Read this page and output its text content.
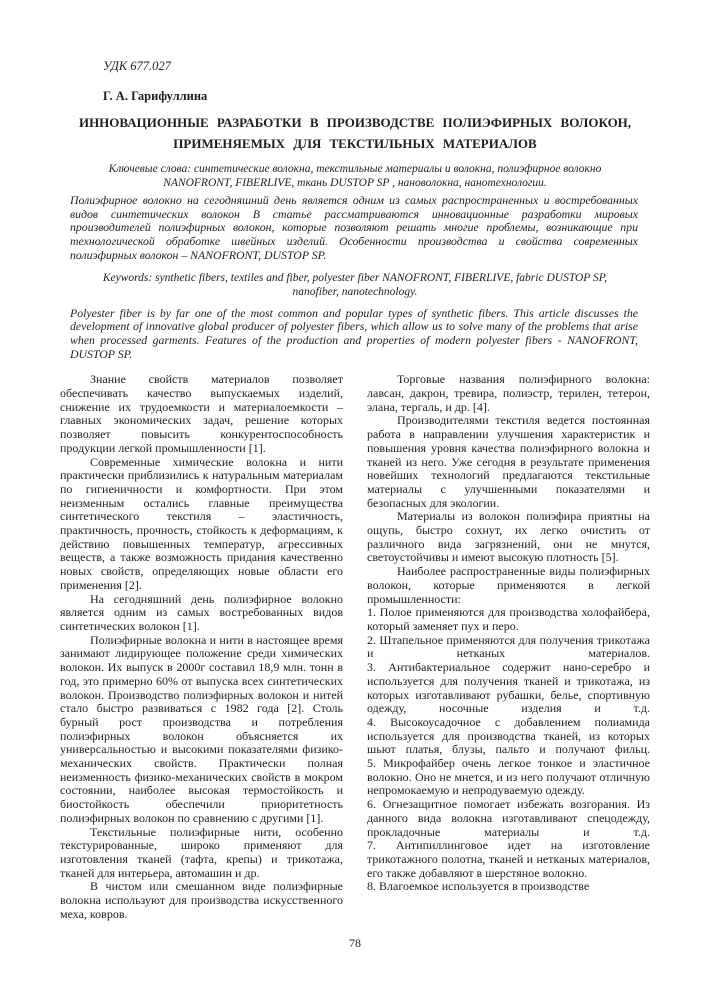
УДК 677.027
Г. А. Гарифуллина
ИННОВАЦИОННЫЕ РАЗРАБОТКИ В ПРОИЗВОДСТВЕ ПОЛИЭФИРНЫХ ВОЛОКОН,
ПРИМЕНЯЕМЫХ ДЛЯ ТЕКСТИЛЬНЫХ МАТЕРИАЛОВ
Ключевые слова: синтетические волокна, текстильные материалы и волокна, полиэфирное волокно NANOFRONT, FIBERLIVE, ткань DUSTOP SP , нановолокна, нанотехнологии.
Полиэфирное волокно на сегодняшний день является одним из самых распространенных и востребованных видов синтетических волокон В статье рассматриваются инновационные разработки мировых производителей полиэфирных волокон, которые позволяют решать многие проблемы, возникающие при технологической обработке швейных изделий. Особенности производства и свойства современных полиэфирных волокон – NANOFRONT, DUSTOP SP.
Keywords: synthetic fibers, textiles and fiber, polyester fiber NANOFRONT, FIBERLIVE, fabric DUSTOP SP, nanofiber, nanotechnology.
Polyester fiber is by far one of the most common and popular types of synthetic fibers. This article discusses the development of innovative global producer of polyester fibers, which allow us to solve many of the problems that arise when processed garments. Features of the production and properties of modern polyester fibers - NANOFRONT, DUSTOP SP.

Знание свойств материалов позволяет обеспечивать качество выпускаемых изделий, снижение их трудоемкости и материалоемкости – главных экономических задач, решение которых позволяет повысить конкурентоспособность продукции легкой промышленности [1].

Современные химические волокна и нити практически приблизились к натуральным материалам по гигиеничности и комфортности. При этом неизменным остались главные преимущества синтетического текстиля – эластичность, практичность, прочность, стойкость к деформациям, к действию повышенных температур, агрессивных веществ, а также возможность придания качественно новых свойств, определяющих новые области его применения [2].

На сегодняшний день полиэфирное волокно является одним из самых востребованных видов синтетических волокон [1].

Полиэфирные волокна и нити в настоящее время занимают лидирующее положение среди химических волокон. Их выпуск в 2000г составил 18,9 млн. тонн в год, это примерно 60% от выпуска всех синтетических волокон. Производство полиэфирных волокон и нитей стало быстро развиваться с 1982 года [2]. Столь бурный рост производства и потребления полиэфирных волокон объясняется их универсальностью и высокими показателями физико-механических свойств. Практически полная неизменность физико-механических свойств в мокром состоянии, наиболее высокая термостойкость и биостойкость обеспечили приоритетность полиэфирных волокон по сравнению с другими [1].

Текстильные полиэфирные нити, особенно текстурированные, широко применяют для изготовления тканей (тафта, крепы) и трикотажа, тканей для интерьера, автомашин и др.

В чистом или смешанном виде полиэфирные волокна используют для производства искусственного меха, ковров.

Торговые названия полиэфирного волокна: лавсан, дакрон, тревира, полиэстр, терилен, тетерон, элана, тергаль, и др. [4].

Производителями текстиля ведется постоянная работа в направлении улучшения характеристик и повышения уровня качества полиэфирного волокна и тканей из него. Уже сегодня в результате применения новейших технологий предлагаются текстильные материалы с улучшенными показателями и безопасных для экологии.

Материалы из волокон полиэфира приятны на ощупь, быстро сохнут, их легко очистить от различного вида загрязнений, они не мнутся, светоустойчивы и имеют высокую плотность [5].

Наиболее распространенные виды полиэфирных волокон, которые применяются в легкой промышленности:

1. Полое применяются для производства холофайбера, который заменяет пух и перо.

2. Штапельное применяются для получения трикотажа и нетканых материалов.

3. Антибактериальное содержит нано-серебро и используется для получения тканей и трикотажа, из которых изготавливают рубашки, белье, спортивную одежду, носочные изделия и т.д.

4. Высокоусадочное с добавлением полиамида используется для производства тканей, из которых шьют платья, блузы, пальто и получают фильц.

5. Микрофайбер очень легкое тонкое и эластичное волокно. Оно не мнется, и из него получают отличную непромокаемую и непродуваемую одежду.

6. Огнезащитное помогает избежать возгорания. Из данного вида волокна изготавливают спецодежду, прокладочные материалы и т.д.

7. Антипиллинговое идет на изготовление трикотажного полотна, тканей и нетканых материалов, его также добавляют в шерстяное волокно.

8. Влагоемкое используется в производстве

78
